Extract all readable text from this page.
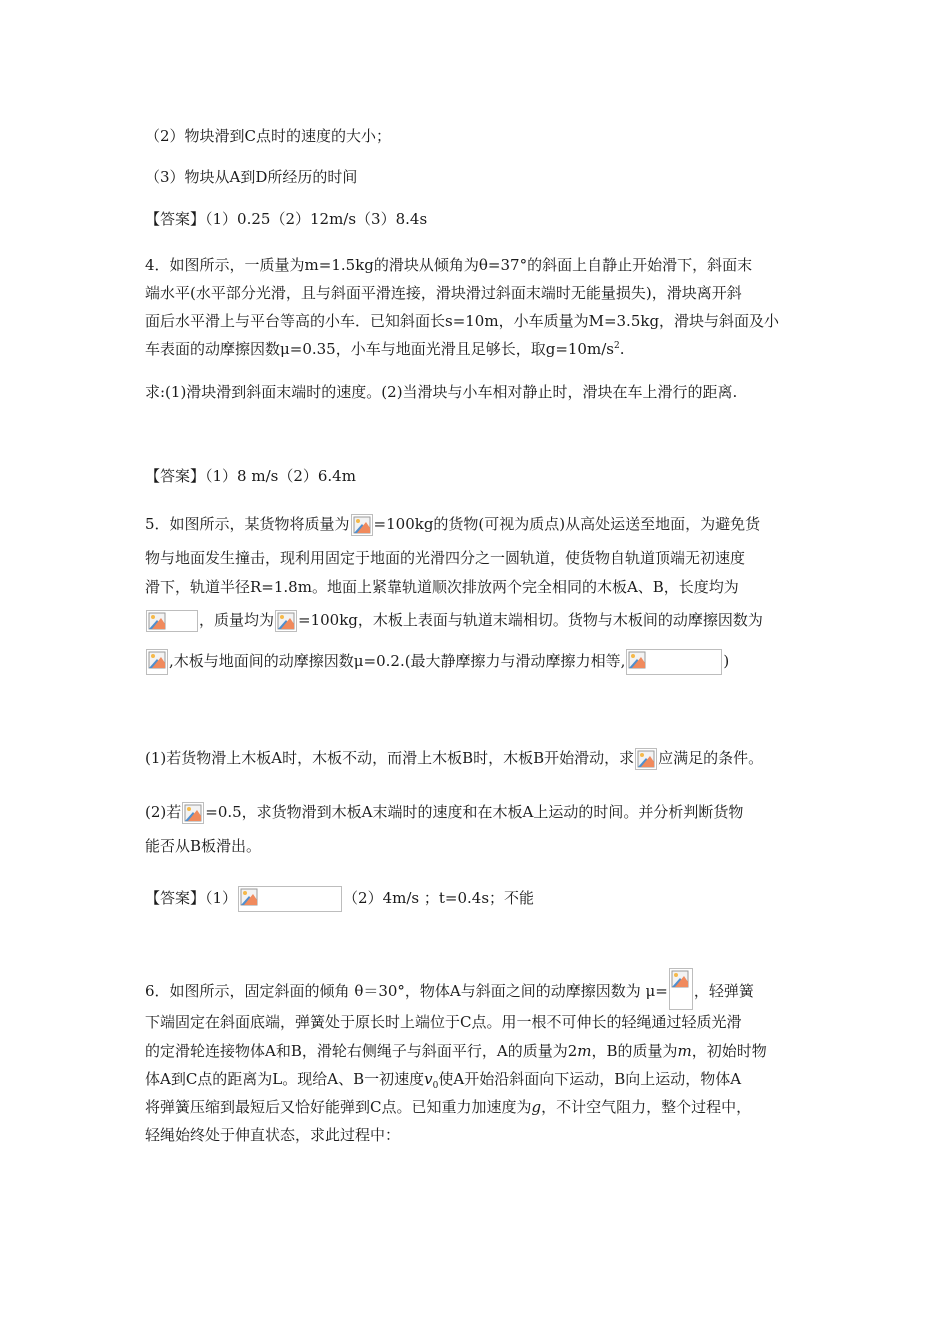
（2）物块滑到C点时的速度的大小；
（3）物块从A到D所经历的时间
【答案】（1）0.25（2）12m/s（3）8.4s
4．如图所示，一质量为m=1.5kg的滑块从倾角为θ=37°的斜面上自静止开始滑下，斜面末
端水平(水平部分光滑，且与斜面平滑连接，滑块滑过斜面末端时无能量损失)，滑块离开斜
面后水平滑上与平台等高的小车．已知斜面长s=10m，小车质量为M=3.5kg，滑块与斜面及小
车表面的动摩擦因数μ=0.35，小车与地面光滑且足够长，取$g=10m/s^2$.
求:(1)滑块滑到斜面末端时的速度。(2)当滑块与小车相对静止时，滑块在车上滑行的距离.
【答案】（1）8 m/s（2）6.4m
5．如图所示，某货物将质量为 =100kg的货物(可视为质点)从高处运送至地面，为避免货
物与地面发生撞击，现利用固定于地面的光滑四分之一圆轨道，使货物自轨道顶端无初速度
滑下，轨道半径R=1.8m。地面上紧靠轨道顺次排放两个完全相同的木板A、B，长度均为
，质量均为 =100kg，木板上表面与轨道末端相切。货物与木板间的动摩擦因数为
,木板与地面间的动摩擦因数μ=0.2.(最大静摩擦力与滑动摩擦力相等,	)
(1)若货物滑上木板A时，木板不动，而滑上木板B时，木板B开始滑动，求 应满足的条件。
(2)若 =0.5，求货物滑到木板A末端时的速度和在木板A上运动的时间。并分析判断货物
能否从B板滑出。
【答案】（1）	（2）4m/s ；t=0.4s；不能
6．如图所示，固定斜面的倾角 θ＝30°，物体A与斜面之间的动摩擦因数为 μ= ，轻弹簧
下端固定在斜面底端，弹簧处于原长时上端位于C点。用一根不可伸长的轻绳通过轻质光滑
的定滑轮连接物体A和B，滑轮右侧绳子与斜面平行，A的质量为2m，B的质量为m，初始时物
体A到C点的距离为L。现给A、B一初速度$v_0$使A开始沿斜面向下运动，B向上运动，物体A
将弹簧压缩到最短后又恰好能弹到C点。已知重力加速度为g，不计空气阻力，整个过程中，
轻绳始终处于伸直状态，求此过程中：
